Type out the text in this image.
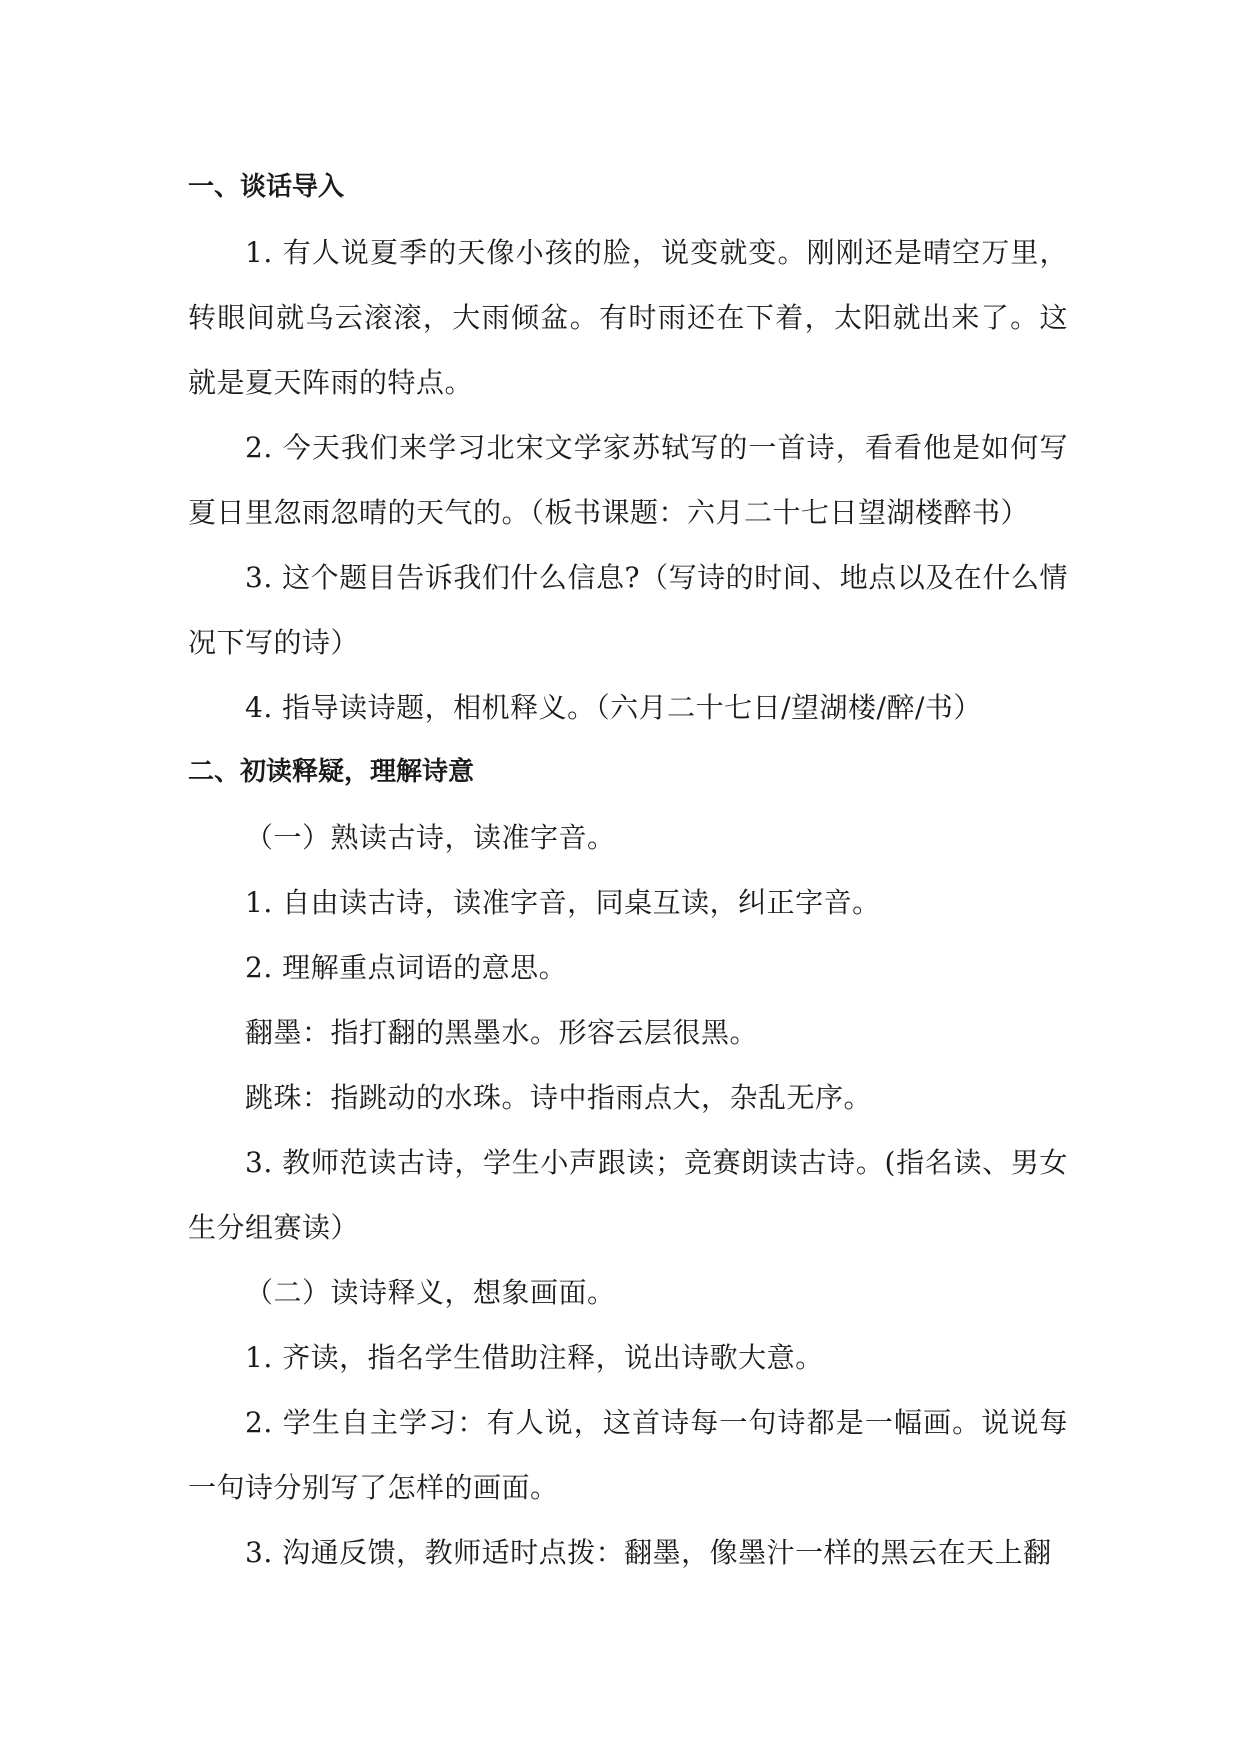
一、谈话导入

1. 有人说夏季的天像小孩的脸，说变就变。刚刚还是晴空万里，转眼间就乌云滚滚，大雨倾盆。有时雨还在下着，太阳就出来了。这就是夏天阵雨的特点。

2. 今天我们来学习北宋文学家苏轼写的一首诗，看看他是如何写夏日里忽雨忽晴的天气的。（板书课题：六月二十七日望湖楼醉书）

3. 这个题目告诉我们什么信息?（写诗的时间、地点以及在什么情况下写的诗）

4. 指导读诗题，相机释义。（六月二十七日/望湖楼/醉/书）

二、初读释疑，理解诗意

（一）熟读古诗，读准字音。

1. 自由读古诗，读准字音，同桌互读，纠正字音。

2. 理解重点词语的意思。

翻墨：指打翻的黑墨水。形容云层很黑。

跳珠：指跳动的水珠。诗中指雨点大，杂乱无序。

3. 教师范读古诗，学生小声跟读；竞赛朗读古诗。(指名读、男女生分组赛读）

（二）读诗释义，想象画面。

1. 齐读，指名学生借助注释，说出诗歌大意。

2. 学生自主学习：有人说，这首诗每一句诗都是一幅画。说说每一句诗分别写了怎样的画面。

3. 沟通反馈，教师适时点拨：翻墨，像墨汁一样的黑云在天上翻
